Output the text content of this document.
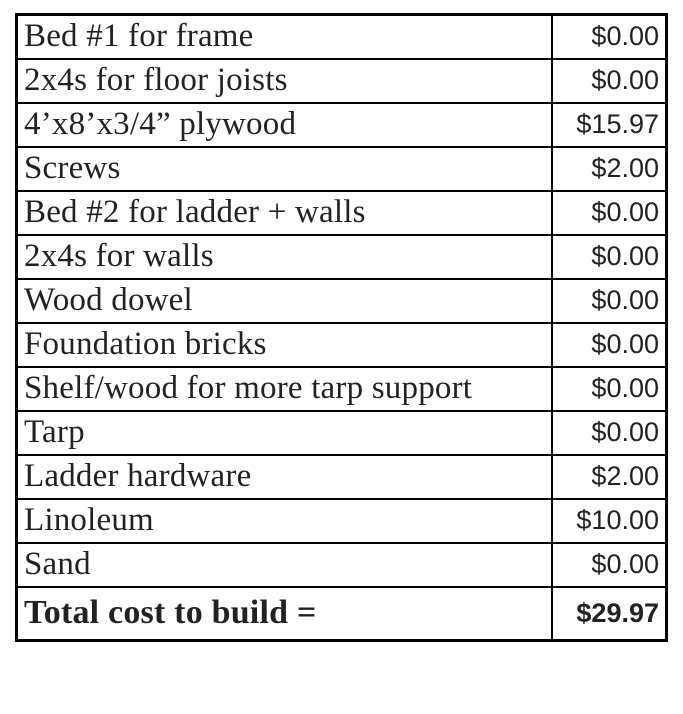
Bed #1 for frame	$0.00
2x4s for floor joists	$0.00
4’x8’x3/4” plywood	$15.97
Screws	$2.00
Bed #2 for ladder + walls	$0.00
2x4s for walls	$0.00
Wood dowel	$0.00
Foundation bricks	$0.00
Shelf/wood for more tarp support	$0.00
Tarp	$0.00
Ladder hardware	$2.00
Linoleum	$10.00
Sand	$0.00
Total cost to build =	$29.97
